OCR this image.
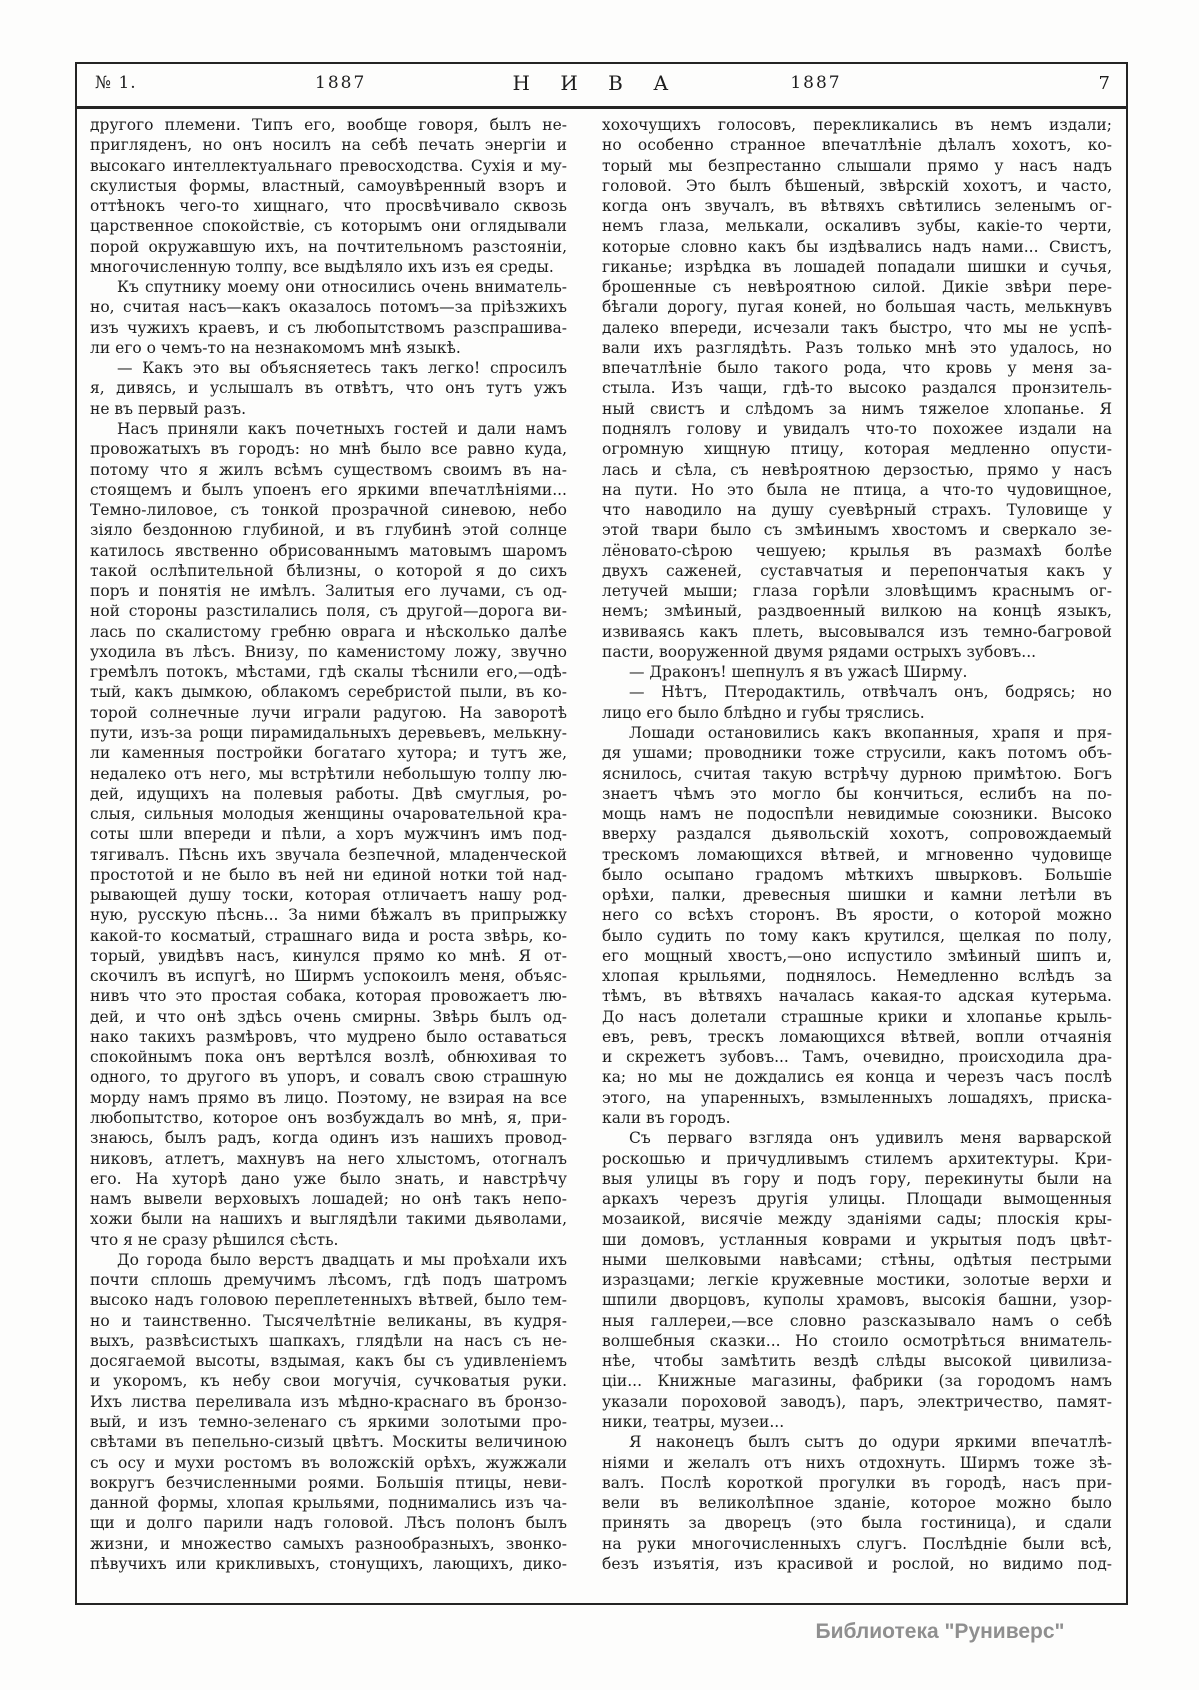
№ 1.	1887	Н И В А	1887	7
другого племени. Типъ его, вообще говоря, былъ не-
пригляденъ, но онъ носилъ на себѣ печать энергіи и
высокаго интеллектуальнаго превосходства. Сухія и му-
скулистыя формы, властный, самоувѣренный взоръ и
оттѣнокъ чего-то хищнаго, что просвѣчивало сквозь
царственное спокойствіе, съ которымъ они оглядывали
порой окружавшую ихъ, на почтительномъ разстояніи,
многочисленную толпу, все выдѣляло ихъ изъ ея среды.
Къ спутнику моему они относились очень вниматель-
но, считая насъ—какъ оказалось потомъ—за пріѣзжихъ
изъ чужихъ краевъ, и съ любопытствомъ разспрашива-
ли его о чемъ-то на незнакомомъ мнѣ языкѣ.
— Какъ это вы объясняетесь такъ легко! спросилъ
я, дивясь, и услышалъ въ отвѣтъ, что онъ тутъ ужъ
не въ первый разъ.
Насъ приняли какъ почетныхъ гостей и дали намъ
провожатыхъ въ городъ: но мнѣ было все равно куда,
потому что я жилъ всѣмъ существомъ своимъ въ на-
стоящемъ и былъ упоенъ его яркими впечатлѣніями...
Темно-лиловое, съ тонкой прозрачной синевою, небо
зіяло бездонною глубиной, и въ глубинѣ этой солнце
катилось явственно обрисованнымъ матовымъ шаромъ
такой ослѣпительной бѣлизны, о которой я до сихъ
поръ и понятія не имѣлъ. Залитыя его лучами, съ од-
ной стороны разстилались поля, съ другой—дорога ви-
лась по скалистому гребню оврага и нѣсколько далѣе
уходила въ лѣсъ. Внизу, по каменистому ложу, звучно
гремѣлъ потокъ, мѣстами, гдѣ скалы тѣснили его,—одѣ-
тый, какъ дымкою, облакомъ серебристой пыли, въ ко-
торой солнечные лучи играли радугою. На заворотѣ
пути, изъ-за рощи пирамидальныхъ деревьевъ, мелькну-
ли каменныя постройки богатаго хутора; и тутъ же,
недалеко отъ него, мы встрѣтили небольшую толпу лю-
дей, идущихъ на полевыя работы. Двѣ смуглыя, ро-
слыя, сильныя молодыя женщины очаровательной кра-
соты шли впереди и пѣли, а хоръ мужчинъ имъ под-
тягивалъ. Пѣснь ихъ звучала безпечной, младенческой
простотой и не было въ ней ни единой нотки той над-
рывающей душу тоски, которая отличаетъ нашу род-
ную, русскую пѣснь... За ними бѣжалъ въ припрыжку
какой-то косматый, страшнаго вида и роста звѣрь, ко-
торый, увидѣвъ насъ, кинулся прямо ко мнѣ. Я от-
скочилъ въ испугѣ, но Ширмъ успокоилъ меня, объяс-
нивъ что это простая собака, которая провожаетъ лю-
дей, и что онѣ здѣсь очень смирны. Звѣрь былъ од-
нако такихъ размѣровъ, что мудрено было оставаться
спокойнымъ пока онъ вертѣлся возлѣ, обнюхивая то
одного, то другого въ упоръ, и совалъ свою страшную
морду намъ прямо въ лицо. Поэтому, не взирая на все
любопытство, которое онъ возбуждалъ во мнѣ, я, при-
знаюсь, былъ радъ, когда одинъ изъ нашихъ провод-
никовъ, атлетъ, махнувъ на него хлыстомъ, отогналъ
его. На хуторѣ дано уже было знать, и навстрѣчу
намъ вывели верховыхъ лошадей; но онѣ такъ непо-
хожи были на нашихъ и выглядѣли такими дьяволами,
что я не сразу рѣшился сѣсть.
До города было верстъ двадцать и мы проѣхали ихъ
почти сплошь дремучимъ лѣсомъ, гдѣ подъ шатромъ
высоко надъ головою переплетенныхъ вѣтвей, было тем-
но и таинственно. Тысячелѣтніе великаны, въ кудря-
выхъ, развѣсистыхъ шапкахъ, глядѣли на насъ съ не-
досягаемой высоты, вздымая, какъ бы съ удивленіемъ
и укоромъ, къ небу свои могучія, сучковатыя руки.
Ихъ листва переливала изъ мѣдно-краснаго въ бронзо-
вый, и изъ темно-зеленаго съ яркими золотыми про-
свѣтами въ пепельно-сизый цвѣтъ. Москиты величиною
съ осу и мухи ростомъ въ воложскій орѣхъ, жужжали
вокругъ безчисленными роями. Большія птицы, неви-
данной формы, хлопая крыльями, поднимались изъ ча-
щи и долго парили надъ головой. Лѣсъ полонъ былъ
жизни, и множество самыхъ разнообразныхъ, звонко-
пѣвучихъ или крикливыхъ, стонущихъ, лающихъ, дико-
хохочущихъ голосовъ, перекликались въ немъ издали;
но особенно странное впечатлѣніе дѣлалъ хохотъ, ко-
торый мы безпрестанно слышали прямо у насъ надъ
головой. Это былъ бѣшеный, звѣрскій хохотъ, и часто,
когда онъ звучалъ, въ вѣтвяхъ свѣтились зеленымъ ог-
немъ глаза, мелькали, оскаливъ зубы, какіе-то черти,
которые словно какъ бы издѣвались надъ нами... Свистъ,
гиканье; изрѣдка въ лошадей попадали шишки и сучья,
брошенные съ невѣроятною силой. Дикіе звѣри пере-
бѣгали дорогу, пугая коней, но большая часть, мелькнувъ
далеко впереди, исчезали такъ быстро, что мы не успѣ-
вали ихъ разглядѣть. Разъ только мнѣ это удалось, но
впечатлѣніе было такого рода, что кровь у меня за-
стыла. Изъ чащи, гдѣ-то высоко раздался пронзитель-
ный свистъ и слѣдомъ за нимъ тяжелое хлопанье. Я
поднялъ голову и увидалъ что-то похожее издали на
огромную хищную птицу, которая медленно опусти-
лась и сѣла, съ невѣроятною дерзостью, прямо у насъ
на пути. Но это была не птица, а что-то чудовищное,
что наводило на душу суевѣрный страхъ. Туловище у
этой твари было съ змѣинымъ хвостомъ и сверкало зе-
лёновато-сѣрою чешуею; крылья въ размахѣ болѣе
двухъ саженей, суставчатыя и перепончатыя какъ у
летучей мыши; глаза горѣли зловѣщимъ краснымъ ог-
немъ; змѣиный, раздвоенный вилкою на концѣ языкъ,
извиваясь какъ плеть, высовывался изъ темно-багровой
пасти, вооруженной двумя рядами острыхъ зубовъ...
— Драконъ! шепнулъ я въ ужасѣ Ширму.
— Нѣтъ, Птеродактиль, отвѣчалъ онъ, бодрясь; но
лицо его было блѣдно и губы тряслись.
Лошади остановились какъ вкопанныя, храпя и пря-
дя ушами; проводники тоже струсили, какъ потомъ объ-
яснилось, считая такую встрѣчу дурною примѣтою. Богъ
знаетъ чѣмъ это могло бы кончиться, еслибъ на по-
мощь намъ не подоспѣли невидимые союзники. Высоко
вверху раздался дьявольскій хохотъ, сопровождаемый
трескомъ ломающихся вѣтвей, и мгновенно чудовище
было осыпано градомъ мѣткихъ швырковъ. Большіе
орѣхи, палки, древесныя шишки и камни летѣли въ
него со всѣхъ сторонъ. Въ ярости, о которой можно
было судить по тому какъ крутился, щелкая по полу,
его мощный хвостъ,—оно испустило змѣиный шипъ и,
хлопая крыльями, поднялось. Немедленно вслѣдъ за
тѣмъ, въ вѣтвяхъ началась какая-то адская кутерьма.
До насъ долетали страшные крики и хлопанье крыль-
евъ, ревъ, трескъ ломающихся вѣтвей, вопли отчаянія
и скрежетъ зубовъ... Тамъ, очевидно, происходила дра-
ка; но мы не дождались ея конца и черезъ часъ послѣ
этого, на упаренныхъ, взмыленныхъ лошадяхъ, приска-
кали въ городъ.
Съ перваго взгляда онъ удивилъ меня варварской
роскошью и причудливымъ стилемъ архитектуры. Кри-
выя улицы въ гору и подъ гору, перекинуты были на
аркахъ черезъ другія улицы. Площади вымощенныя
мозаикой, висячіе между зданіями сады; плоскія кры-
ши домовъ, устланныя коврами и укрытыя подъ цвѣт-
ными шелковыми навѣсами; стѣны, одѣтыя пестрыми
изразцами; легкіе кружевные мостики, золотые верхи и
шпили дворцовъ, куполы храмовъ, высокія башни, узор-
ныя галлереи,—все словно разсказывало намъ о себѣ
волшебныя сказки... Но стоило осмотрѣться вниматель-
нѣе, чтобы замѣтить вездѣ слѣды высокой цивилиза-
ціи... Книжные магазины, фабрики (за городомъ намъ
указали пороховой заводъ), паръ, электричество, памят-
ники, театры, музеи...
Я наконецъ былъ сытъ до одури яркими впечатлѣ-
ніями и желалъ отъ нихъ отдохнуть. Ширмъ тоже зѣ-
валъ. Послѣ короткой прогулки въ городѣ, насъ при-
вели въ великолѣпное зданіе, которое можно было
принять за дворецъ (это была гостиница), и сдали
на руки многочисленныхъ слугъ. Послѣдніе были всѣ,
безъ изъятія, изъ красивой и рослой, но видимо под-
Библиотека "Руниверс"
